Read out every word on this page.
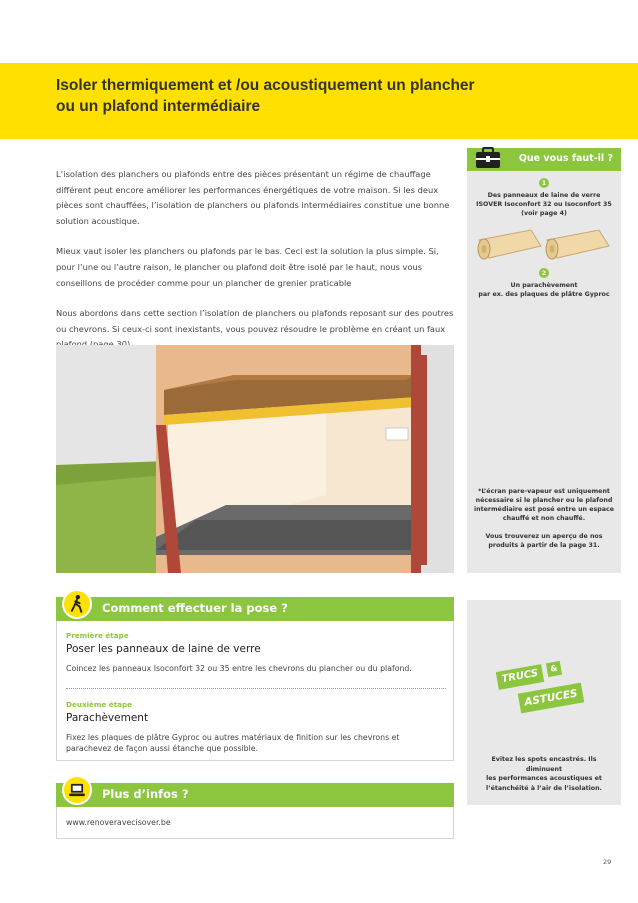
Isoler thermiquement et /ou acoustiquement un plancher
ou un plafond intermédiaire

L’isolation des planchers ou plafonds entre des pièces présentant un régime de chauffage différent peut encore améliorer les performances énergétiques de votre maison. Si les deux pièces sont chauffées, l’isolation de planchers ou plafonds intermédiaires constitue une bonne solution acoustique.

Mieux vaut isoler les planchers ou plafonds par le bas. Ceci est la solution la plus simple. Si, pour l’une ou l’autre raison, le plancher ou plafond doit être isolé par le haut, nous vous conseillons de procéder comme pour un plancher de grenier praticable

Nous abordons dans cette section l’isolation de planchers ou plafonds reposant sur des poutres ou chevrons. Si ceux-ci sont inexistants, vous pouvez résoudre le problème en créant un faux

Que vous faut-il ?
1
Des panneaux de laine de verre
ISOVER Isoconfort 32 ou Isoconfort 35
(voir page 4)
2
Un parachèvement
par ex. des plaques de plâtre Gyproc
*L’écran pare-vapeur est uniquement
nécessaire si le plancher ou le plafond
intermédiaire est posé entre un espace
chauffé et non chauffé.
Vous trouverez un aperçu de nos
produits à partir de la page 31.
Comment effectuer la pose ?
Première étape
Poser les panneaux de laine de verre
Coincez les panneaux Isoconfort 32 ou 35 entre les chevrons du plancher ou du plafond.
Deuxième étape
Parachèvement
Fixez les plaques de plâtre Gyproc ou autres matériaux de finition sur les chevrons et parachevez de façon aussi étanche que possible.
Plus d’infos ?
www.renoveravecisover.be
TRUCS	&
ASTUCES
Evitez les spots encastrés. Ils diminuent
les performances acoustiques et
l’étanchéité à l’air de l’isolation.
29
